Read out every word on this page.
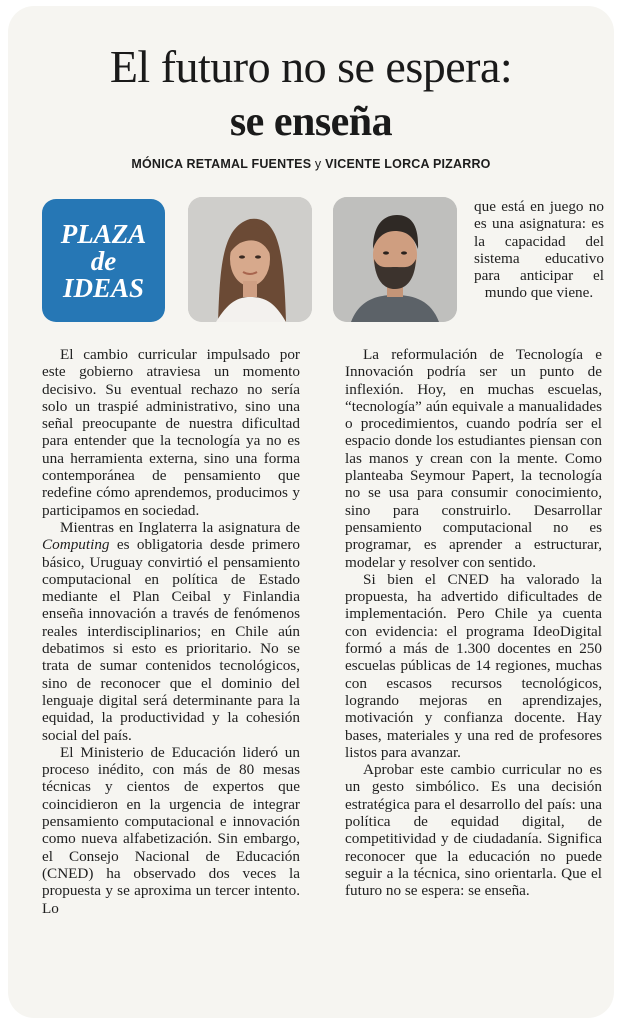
El futuro no se espera:
se enseña
MÓNICA RETAMAL FUENTES y VICENTE LORCA PIZARRO
PLAZA
de
IDEAS

que está en juego no es una asignatura: es la capacidad del sistema educativo para anticipar el mundo que viene.

El cambio curricular impulsado por este gobierno atraviesa un momento decisivo. Su eventual rechazo no sería solo un traspié administrativo, sino una señal preocupante de nuestra dificultad para entender que la tecnología ya no es una herramienta externa, sino una forma contemporánea de pensamiento que redefine cómo aprendemos, producimos y participamos en sociedad.

Mientras en Inglaterra la asignatura de Computing es obligatoria desde primero básico, Uruguay convirtió el pensamiento computacional en política de Estado mediante el Plan Ceibal y Finlandia enseña innovación a través de fenómenos reales interdisciplinarios; en Chile aún debatimos si esto es prioritario. No se trata de sumar contenidos tecnológicos, sino de reconocer que el dominio del lenguaje digital será determinante para la equidad, la productividad y la cohesión social del país.

El Ministerio de Educación lideró un proceso inédito, con más de 80 mesas técnicas y cientos de expertos que coincidieron en la urgencia de integrar pensamiento computacional e innovación como nueva alfabetización. Sin embargo, el Consejo Nacional de Educación (CNED) ha observado dos veces la propuesta y se aproxima un tercer intento. Lo

La reformulación de Tecnología e Innovación podría ser un punto de inflexión. Hoy, en muchas escuelas, “tecnología” aún equivale a manualidades o procedimientos, cuando podría ser el espacio donde los estudiantes piensan con las manos y crean con la mente. Como planteaba Seymour Papert, la tecnología no se usa para consumir conocimiento, sino para construirlo. Desarrollar pensamiento computacional no es programar, es aprender a estructurar, modelar y resolver con sentido.

Si bien el CNED ha valorado la propuesta, ha advertido dificultades de implementación. Pero Chile ya cuenta con evidencia: el programa IdeoDigital formó a más de 1.300 docentes en 250 escuelas públicas de 14 regiones, muchas con escasos recursos tecnológicos, logrando mejoras en aprendizajes, motivación y confianza docente. Hay bases, materiales y una red de profesores listos para avanzar.

Aprobar este cambio curricular no es un gesto simbólico. Es una decisión estratégica para el desarrollo del país: una política de equidad digital, de competitividad y de ciudadanía. Significa reconocer que la educación no puede seguir a la técnica, sino orientarla. Que el futuro no se espera: se enseña.
